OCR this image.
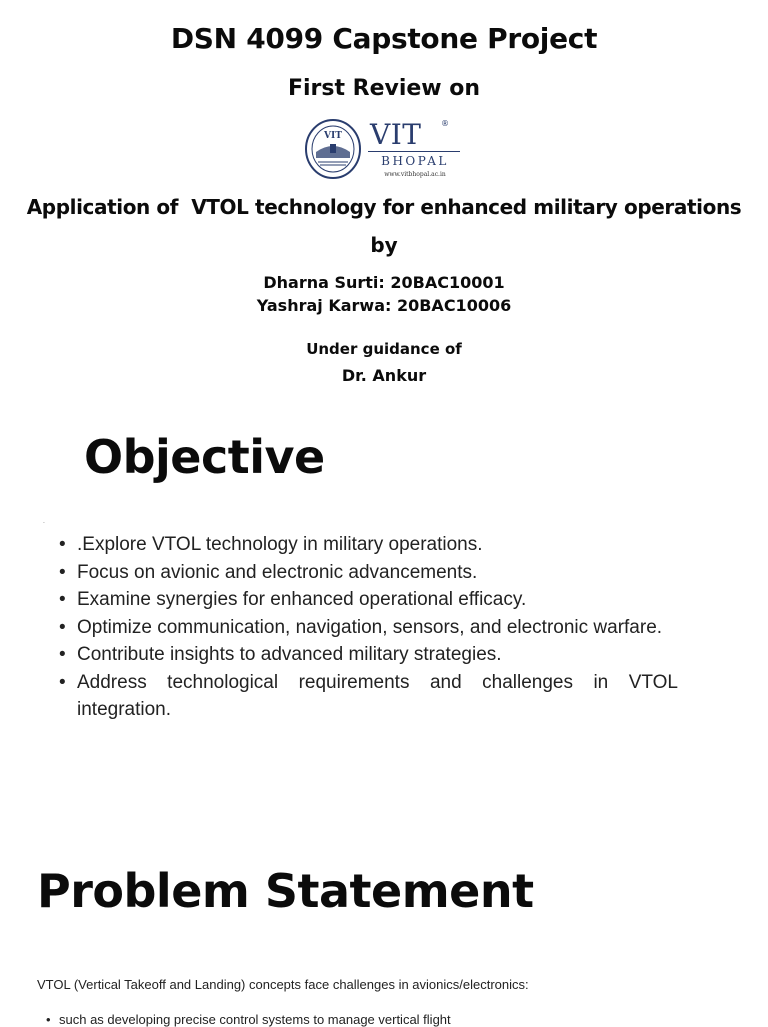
DSN 4099 Capstone Project
First Review on
VIT VIT ®
BHOPAL
www.vitbhopal.ac.in
Application of  VTOL technology for enhanced military operations
by
Dharna Surti: 20BAC10001
Yashraj Karwa: 20BAC10006
Under guidance of
Dr. Ankur
Objective
·
• .Explore VTOL technology in military operations.
• Focus on avionic and electronic advancements.
• Examine synergies for enhanced operational efficacy.
• Optimize communication, navigation, sensors, and electronic warfare.
• Contribute insights to advanced military strategies.
• Address technological requirements and challenges in VTOL integration.
Problem Statement
VTOL (Vertical Takeoff and Landing) concepts face challenges in avionics/electronics:
• such as developing precise control systems to manage vertical flight
